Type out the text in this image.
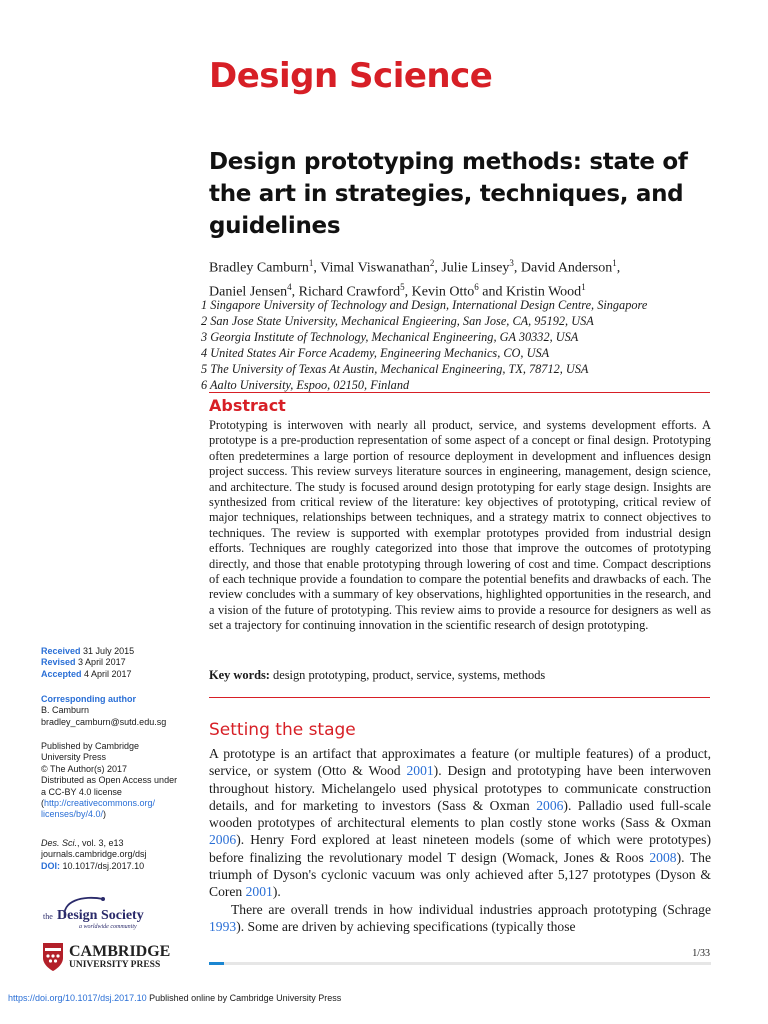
Design Science
Design prototyping methods: state of the art in strategies, techniques, and guidelines
Bradley Camburn$^1$, Vimal Viswanathan$^2$, Julie Linsey$^3$, David Anderson$^1$,
Daniel Jensen$^4$, Richard Crawford$^5$, Kevin Otto$^6$ and Kristin Wood$^1$
1 Singapore University of Technology and Design, International Design Centre, Singapore
2 San Jose State University, Mechanical Engieering, San Jose, CA, 95192, USA
3 Georgia Institute of Technology, Mechanical Engineering, GA 30332, USA
4 United States Air Force Academy, Engineering Mechanics, CO, USA
5 The University of Texas At Austin, Mechanical Engineering, TX, 78712, USA
6 Aalto University, Espoo, 02150, Finland
Abstract
Prototyping is interwoven with nearly all product, service, and systems development efforts. A prototype is a pre-production representation of some aspect of a concept or final design. Prototyping often predetermines a large portion of resource deployment in development and influences design project success. This review surveys literature sources in engineering, management, design science, and architecture. The study is focused around design prototyping for early stage design. Insights are synthesized from critical review of the literature: key objectives of prototyping, critical review of major techniques, relationships between techniques, and a strategy matrix to connect objectives to techniques. The review is supported with exemplar prototypes provided from industrial design efforts. Techniques are roughly categorized into those that improve the outcomes of prototyping directly, and those that enable prototyping through lowering of cost and time. Compact descriptions of each technique provide a foundation to compare the potential benefits and drawbacks of each. The review concludes with a summary of key observations, highlighted opportunities in the research, and a vision of the future of prototyping. This review aims to provide a resource for designers as well as set a trajectory for continuing innovation in the scientific research of design prototyping.
Key words: design prototyping, product, service, systems, methods
Setting the stage

A prototype is an artifact that approximates a feature (or multiple features) of a product, service, or system (Otto & Wood 2001). Design and prototyping have been interwoven throughout history. Michelangelo used physical prototypes to communicate construction details, and for marketing to investors (Sass & Oxman 2006). Palladio used full-scale wooden prototypes of architectural elements to plan costly stone works (Sass & Oxman 2006). Henry Ford explored at least nineteen models (some of which were prototypes) before finalizing the revolutionary model T design (Womack, Jones & Roos 2008). The triumph of Dyson's cyclonic vacuum was only achieved after 5,127 prototypes (Dyson & Coren 2001).

There are overall trends in how individual industries approach prototyping (Schrage 1993). Some are driven by achieving specifications (typically those

Received 31 July 2015
Revised 3 April 2017
Accepted 4 April 2017
Corresponding author
B. Camburn
bradley_camburn@sutd.edu.sg
Published by Cambridge
University Press
© The Author(s) 2017
Distributed as Open Access under
a CC-BY 4.0 license
(http://creativecommons.org/
licenses/by/4.0/)
Des. Sci., vol. 3, e13
journals.cambridge.org/dsj
DOI: 10.1017/dsj.2017.10
the Design Society
a worldwide community
CAMBRIDGE
UNIVERSITY PRESS
1/33
https://doi.org/10.1017/dsj.2017.10 Published online by Cambridge University Press
